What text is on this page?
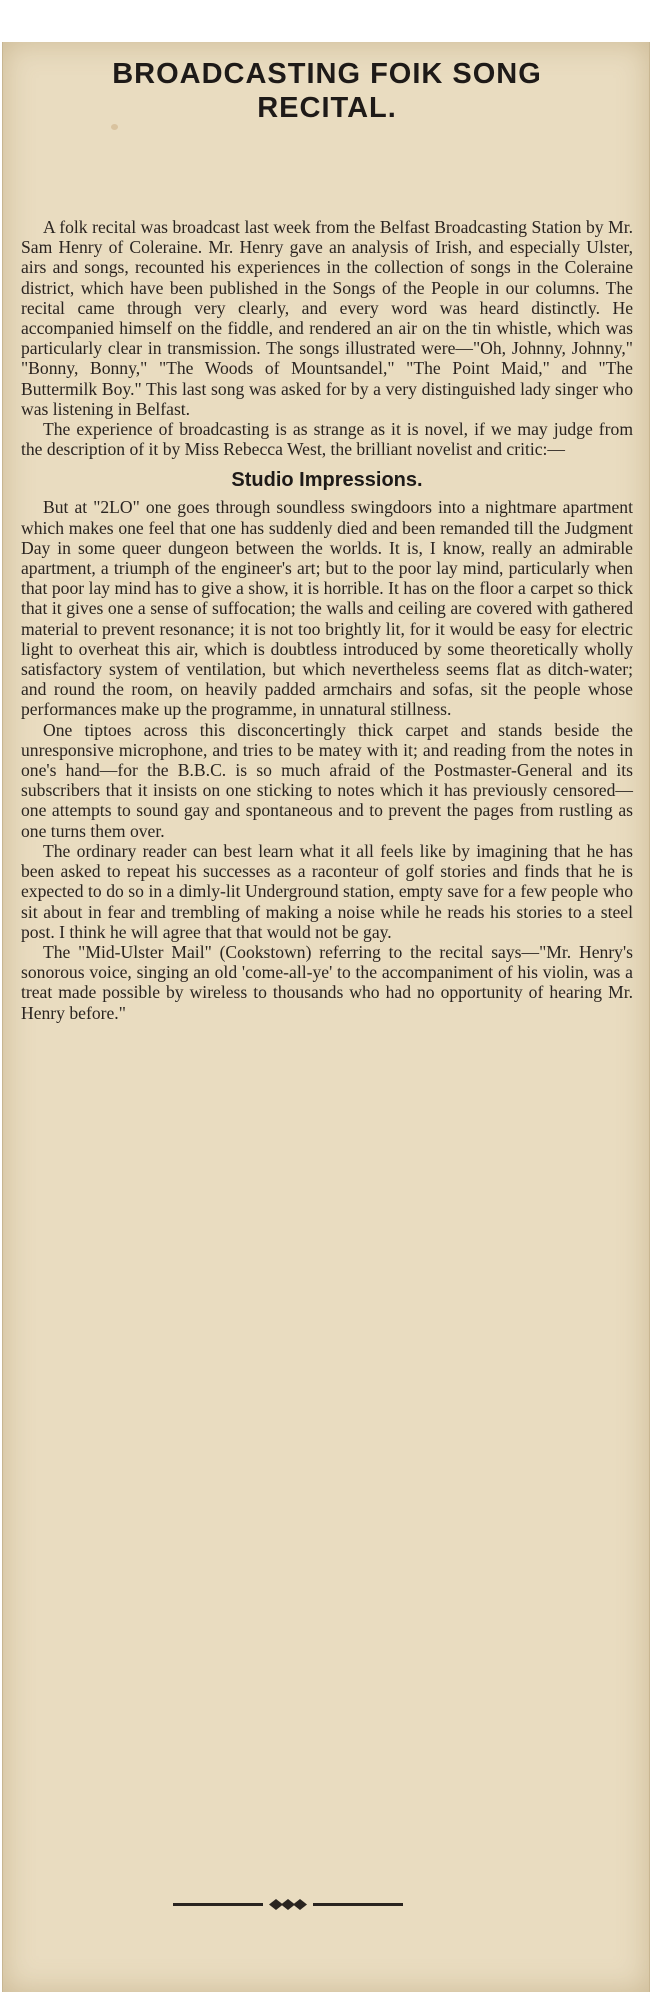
BROADCASTING FOIK SONG
RECITAL.

A folk recital was broadcast last week from the Belfast Broadcasting Station by Mr. Sam Henry of Coleraine. Mr. Henry gave an analysis of Irish, and especially Ulster, airs and songs, recounted his experiences in the collection of songs in the Coleraine district, which have been published in the Songs of the People in our columns. The recital came through very clearly, and every word was heard distinctly. He accompanied himself on the fiddle, and rendered an air on the tin whistle, which was particularly clear in transmission. The songs illustrated were—"Oh, Johnny, Johnny," "Bonny, Bonny," "The Woods of Mountsandel," "The Point Maid," and "The Buttermilk Boy." This last song was asked for by a very distinguished lady singer who was listening in Belfast.

The experience of broadcasting is as strange as it is novel, if we may judge from the description of it by Miss Rebecca West, the brilliant novelist and critic:—

Studio Impressions.

But at "2LO" one goes through soundless swingdoors into a nightmare apartment which makes one feel that one has suddenly died and been remanded till the Judgment Day in some queer dungeon between the worlds. It is, I know, really an admirable apartment, a triumph of the engineer's art; but to the poor lay mind, particularly when that poor lay mind has to give a show, it is horrible. It has on the floor a carpet so thick that it gives one a sense of suffocation; the walls and ceiling are covered with gathered material to prevent resonance; it is not too brightly lit, for it would be easy for electric light to overheat this air, which is doubtless introduced by some theoretically wholly satisfactory system of ventilation, but which nevertheless seems flat as ditch-water; and round the room, on heavily padded armchairs and sofas, sit the people whose performances make up the programme, in unnatural stillness.

One tiptoes across this disconcertingly thick carpet and stands beside the unresponsive microphone, and tries to be matey with it; and reading from the notes in one's hand—for the B.B.C. is so much afraid of the Postmaster-General and its subscribers that it insists on one sticking to notes which it has previously censored—one attempts to sound gay and spontaneous and to prevent the pages from rustling as one turns them over.

The ordinary reader can best learn what it all feels like by imagining that he has been asked to repeat his successes as a raconteur of golf stories and finds that he is expected to do so in a dimly-lit Underground station, empty save for a few people who sit about in fear and trembling of making a noise while he reads his stories to a steel post. I think he will agree that that would not be gay.

The "Mid-Ulster Mail" (Cookstown) referring to the recital says—"Mr. Henry's sonorous voice, singing an old 'come-all-ye' to the accompaniment of his violin, was a treat made possible by wireless to thousands who had no opportunity of hearing Mr. Henry before."
